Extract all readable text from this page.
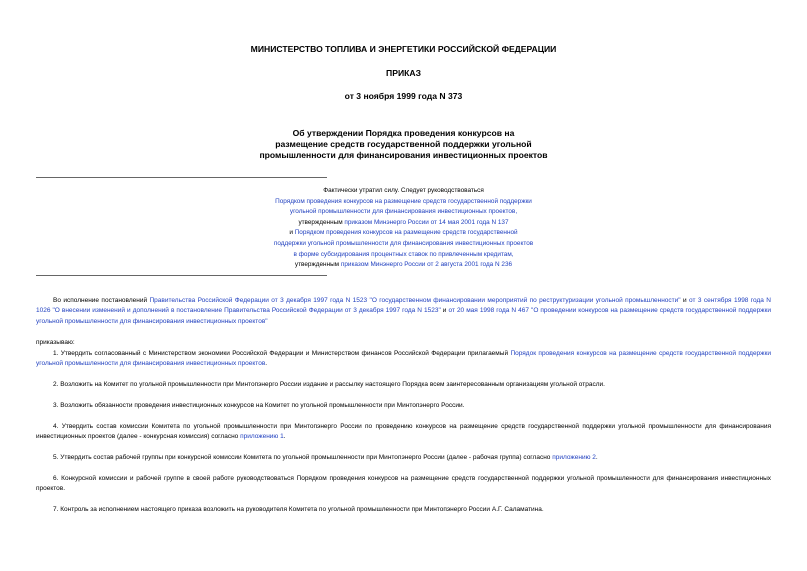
МИНИСТЕРСТВО ТОПЛИВА И ЭНЕРГЕТИКИ РОССИЙСКОЙ ФЕДЕРАЦИИ
ПРИКАЗ
от 3 ноября 1999 года N 373
Об утверждении Порядка проведения конкурсов на
размещение средств государственной поддержки угольной
промышленности для финансирования инвестиционных проектов
Фактически утратил силу. Следует руководствоваться
Порядком проведения конкурсов на размещение средств государственной поддержки
угольной промышленности для финансирования инвестиционных проектов,
утвержденным приказом Минэнерго России от 14 мая 2001 года N 137
и Порядком проведения конкурсов на размещение средств государственной
поддержки угольной промышленности для финансирования инвестиционных проектов
в форме субсидирования процентных ставок по привлеченным кредитам,
утвержденным приказом Минэнерго России от 2 августа 2001 года N 236
Во исполнение постановлений Правительства Российской Федерации от 3 декабря 1997 года N 1523 "О государственном финансировании мероприятий по реструктуризации угольной промышленности" и от 3 сентября 1998 года N 1026 "О внесении изменений и дополнений в постановление Правительства Российской Федерации от 3 декабря 1997 года N 1523" и от 20 мая 1998 года N 467 "О проведении конкурсов на размещение средств государственной поддержки угольной промышленности для финансирования инвестиционных проектов"
приказываю:
1. Утвердить согласованный с Министерством экономики Российской Федерации и Министерством финансов Российской Федерации прилагаемый Порядок проведения конкурсов на размещение средств государственной поддержки угольной промышленности для финансирования инвестиционных проектов.
2. Возложить на Комитет по угольной промышленности при Минтопэнерго России издание и рассылку настоящего Порядка всем заинтересованным организациям угольной отрасли.
3. Возложить обязанности проведения инвестиционных конкурсов на Комитет по угольной промышленности при Минтопэнерго России.
4. Утвердить состав комиссии Комитета по угольной промышленности при Минтопэнерго России по проведению конкурсов на размещение средств государственной поддержки угольной промышленности для финансирования инвестиционных проектов (далее - конкурсная комиссия) согласно приложению 1.
5. Утвердить состав рабочей группы при конкурсной комиссии Комитета по угольной промышленности при Минтопэнерго России (далее - рабочая группа) согласно приложению 2.
6. Конкурсной комиссии и рабочей группе в своей работе руководствоваться Порядком проведения конкурсов на размещение средств государственной поддержки угольной промышленности для финансирования инвестиционных проектов.
7. Контроль за исполнением настоящего приказа возложить на руководителя Комитета по угольной промышленности при Минтопэнерго России А.Г. Саламатина.
